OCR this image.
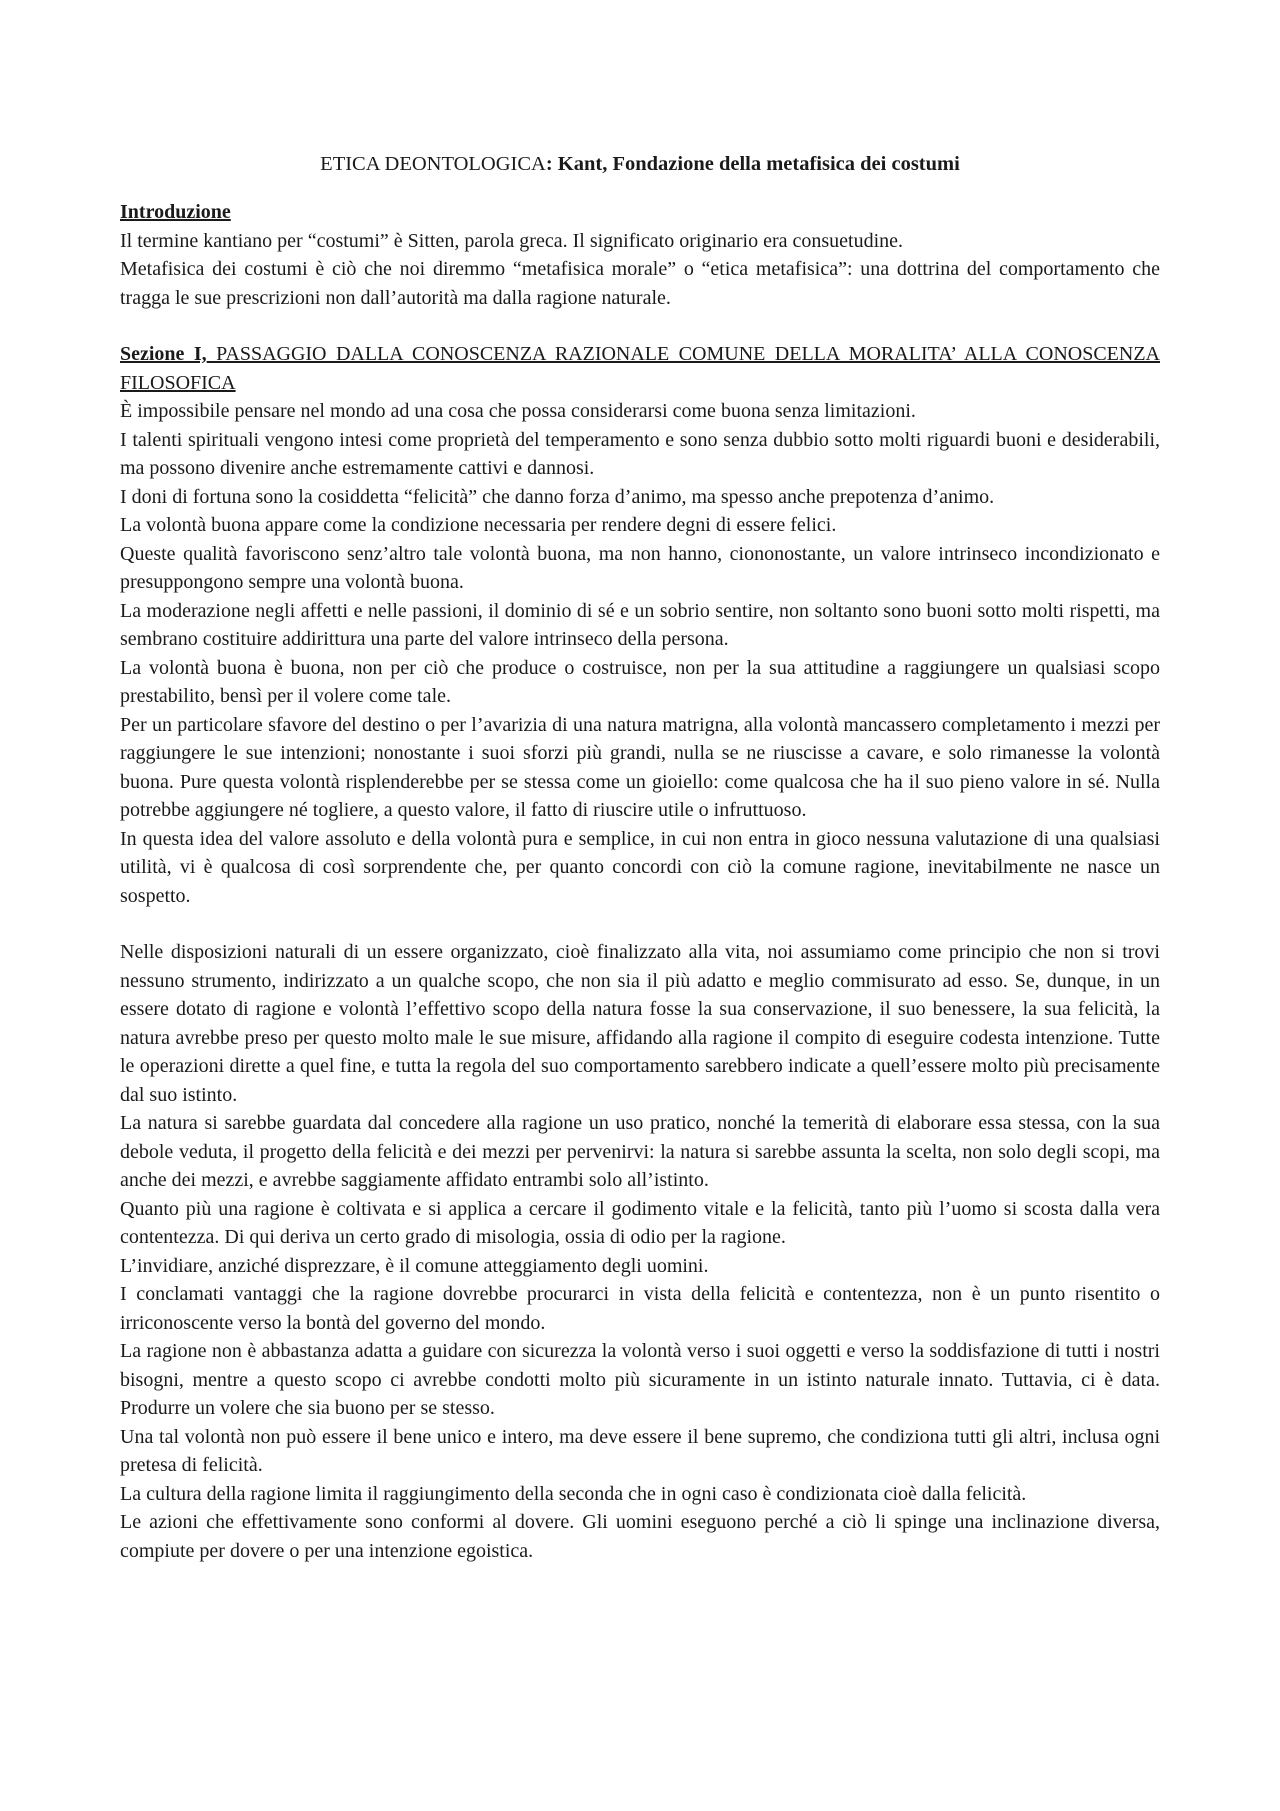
ETICA DEONTOLOGICA: Kant, Fondazione della metafisica dei costumi
Introduzione

Il termine kantiano per “costumi” è Sitten, parola greca. Il significato originario era consuetudine.

Metafisica dei costumi è ciò che noi diremmo “metafisica morale” o “etica metafisica”: una dottrina del comportamento che tragga le sue prescrizioni non dall’autorità ma dalla ragione naturale.

Sezione I, PASSAGGIO DALLA CONOSCENZA RAZIONALE COMUNE DELLA MORALITA’ ALLA CONOSCENZA FILOSOFICA

È impossibile pensare nel mondo ad una cosa che possa considerarsi come buona senza limitazioni.

I talenti spirituali vengono intesi come proprietà del temperamento e sono senza dubbio sotto molti riguardi buoni e desiderabili, ma possono divenire anche estremamente cattivi e dannosi.

I doni di fortuna sono la cosiddetta “felicità” che danno forza d’animo, ma spesso anche prepotenza d’animo.

La volontà buona appare come la condizione necessaria per rendere degni di essere felici.

Queste qualità favoriscono senz’altro tale volontà buona, ma non hanno, ciononostante, un valore intrinseco incondizionato e presuppongono sempre una volontà buona.

La moderazione negli affetti e nelle passioni, il dominio di sé e un sobrio sentire, non soltanto sono buoni sotto molti rispetti, ma sembrano costituire addirittura una parte del valore intrinseco della persona.

La volontà buona è buona, non per ciò che produce o costruisce, non per la sua attitudine a raggiungere un qualsiasi scopo prestabilito, bensì per il volere come tale.

Per un particolare sfavore del destino o per l’avarizia di una natura matrigna, alla volontà mancassero completamento i mezzi per raggiungere le sue intenzioni; nonostante i suoi sforzi più grandi, nulla se ne riuscisse a cavare, e solo rimanesse la volontà buona. Pure questa volontà risplenderebbe per se stessa come un gioiello: come qualcosa che ha il suo pieno valore in sé. Nulla potrebbe aggiungere né togliere, a questo valore, il fatto di riuscire utile o infruttuoso.

In questa idea del valore assoluto e della volontà pura e semplice, in cui non entra in gioco nessuna valutazione di una qualsiasi utilità, vi è qualcosa di così sorprendente che, per quanto concordi con ciò la comune ragione, inevitabilmente ne nasce un sospetto.

Nelle disposizioni naturali di un essere organizzato, cioè finalizzato alla vita, noi assumiamo come principio che non si trovi nessuno strumento, indirizzato a un qualche scopo, che non sia il più adatto e meglio commisurato ad esso. Se, dunque, in un essere dotato di ragione e volontà l’effettivo scopo della natura fosse la sua conservazione, il suo benessere, la sua felicità, la natura avrebbe preso per questo molto male le sue misure, affidando alla ragione il compito di eseguire codesta intenzione. Tutte le operazioni dirette a quel fine, e tutta la regola del suo comportamento sarebbero indicate a quell’essere molto più precisamente dal suo istinto.

La natura si sarebbe guardata dal concedere alla ragione un uso pratico, nonché la temerità di elaborare essa stessa, con la sua debole veduta, il progetto della felicità e dei mezzi per pervenirvi: la natura si sarebbe assunta la scelta, non solo degli scopi, ma anche dei mezzi, e avrebbe saggiamente affidato entrambi solo all’istinto.

Quanto più una ragione è coltivata e si applica a cercare il godimento vitale e la felicità, tanto più l’uomo si scosta dalla vera contentezza. Di qui deriva un certo grado di misologia, ossia di odio per la ragione.

L’invidiare, anziché disprezzare, è il comune atteggiamento degli uomini.

I conclamati vantaggi che la ragione dovrebbe procurarci in vista della felicità e contentezza, non è un punto risentito o irriconoscente verso la bontà del governo del mondo.

La ragione non è abbastanza adatta a guidare con sicurezza la volontà verso i suoi oggetti e verso la soddisfazione di tutti i nostri bisogni, mentre a questo scopo ci avrebbe condotti molto più sicuramente in un istinto naturale innato. Tuttavia, ci è data. Produrre un volere che sia buono per se stesso.

Una tal volontà non può essere il bene unico e intero, ma deve essere il bene supremo, che condiziona tutti gli altri, inclusa ogni pretesa di felicità.

La cultura della ragione limita il raggiungimento della seconda che in ogni caso è condizionata cioè dalla felicità.

Le azioni che effettivamente sono conformi al dovere. Gli uomini eseguono perché a ciò li spinge una inclinazione diversa, compiute per dovere o per una intenzione egoistica.
